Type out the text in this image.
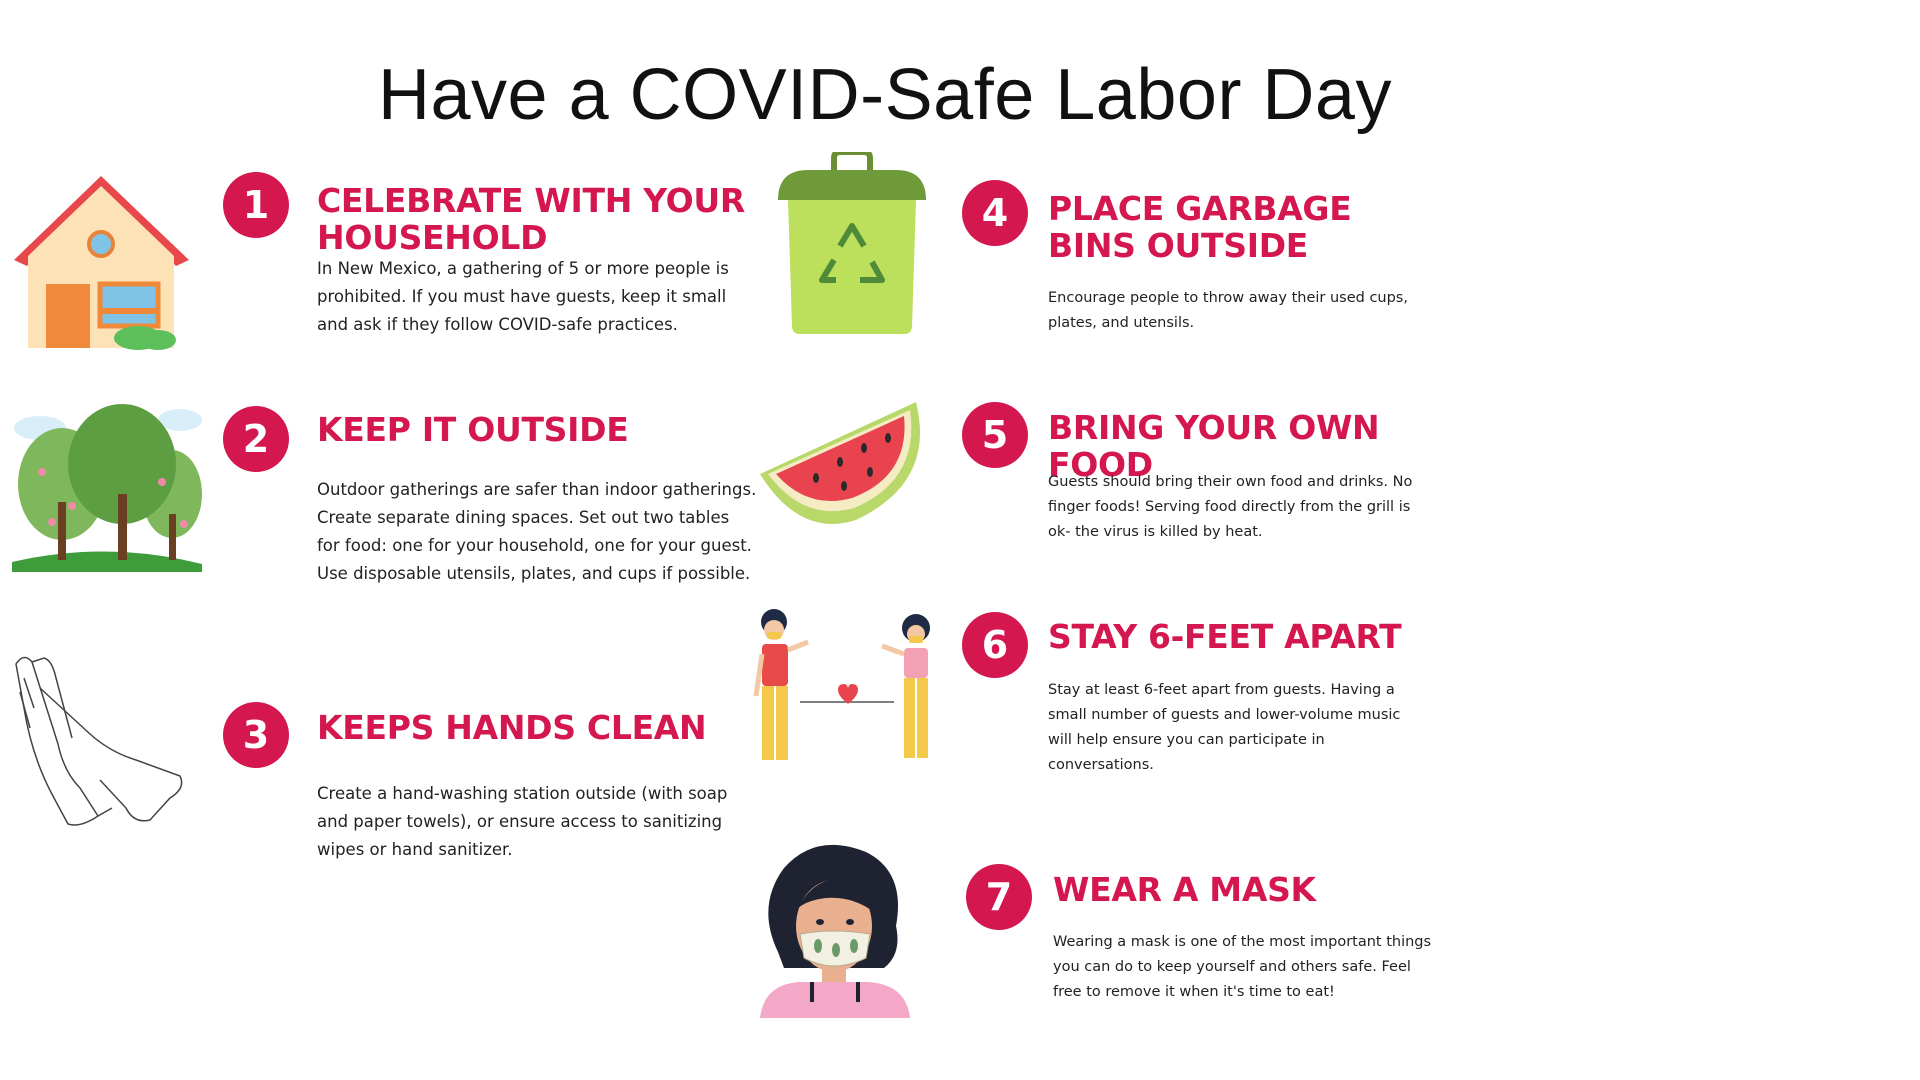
Have a COVID-Safe Labor Day
1	CELEBRATE WITH YOUR HOUSEHOLD

In New Mexico, a gathering of 5 or more people is prohibited. If you must have guests, keep it small and ask if they follow COVID-safe practices.

2	KEEP IT OUTSIDE

Outdoor gatherings are safer than indoor gatherings. Create separate dining spaces. Set out two tables for food: one for your household, one for your guest. Use disposable utensils, plates, and cups if possible.

3	KEEPS HANDS CLEAN

Create a hand-washing station outside (with soap and paper towels), or ensure access to sanitizing wipes or hand sanitizer.

4	PLACE GARBAGE BINS OUTSIDE

Encourage people to throw away their used cups, plates, and utensils.

5	BRING YOUR OWN FOOD

Guests should bring their own food and drinks. No finger foods! Serving food directly from the grill is ok- the virus is killed by heat.

6	STAY 6-FEET APART

Stay at least 6-feet apart from guests. Having a small number of guests and lower-volume music will help ensure you can participate in conversations.

7	WEAR A MASK

Wearing a mask is one of the most important things you can do to keep yourself and others safe. Feel free to remove it when it's time to eat!
